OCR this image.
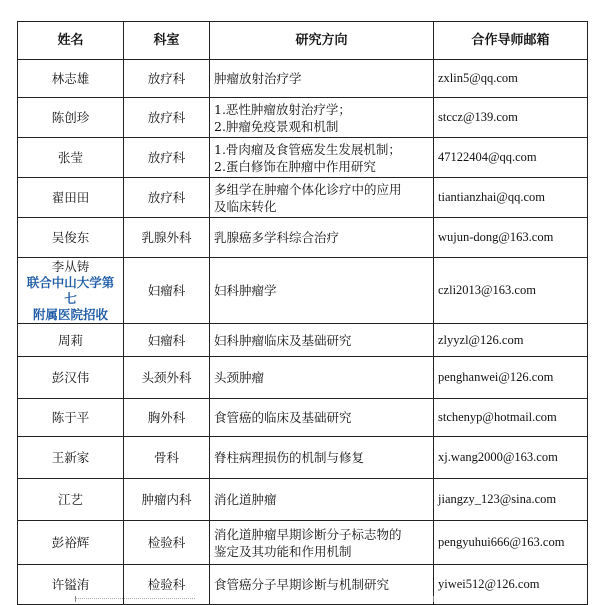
姓名	科室	研究方向	合作导师邮箱

林志雄	放疗科	肿瘤放射治疗学	zxlin5@qq.com

陈创珍	放疗科	1.恶性肿瘤放射治疗学；
2.肿瘤免疫景观和机制	stccz@139.com

张莹	放疗科	1.骨肉瘤及食管癌发生发展机制；
2.蛋白修饰在肿瘤中作用研究	47122404@qq.com

翟田田	放疗科	多组学在肿瘤个体化诊疗中的应用
及临床转化	tiantianzhai@qq.com

吴俊东	乳腺外科	乳腺癌多学科综合治疗	wujun-dong@163.com

李从铸
联合中山大学第七
附属医院招收	妇瘤科	妇科肿瘤学	czli2013@163.com

周莉	妇瘤科	妇科肿瘤临床及基础研究	zlyyzl@126.com

彭汉伟	头颈外科	头颈肿瘤	penghanwei@126.com

陈于平	胸外科	食管癌的临床及基础研究	stchenyp@hotmail.com

王新家	骨科	脊柱病理损伤的机制与修复	xj.wang2000@163.com

江艺	肿瘤内科	消化道肿瘤	jiangzy_123@sina.com

彭裕辉	检验科	消化道肿瘤早期诊断分子标志物的
鉴定及其功能和作用机制	pengyuhui666@163.com

许镒洧	检验科	食管癌分子早期诊断与机制研究	yiwei512@126.com
